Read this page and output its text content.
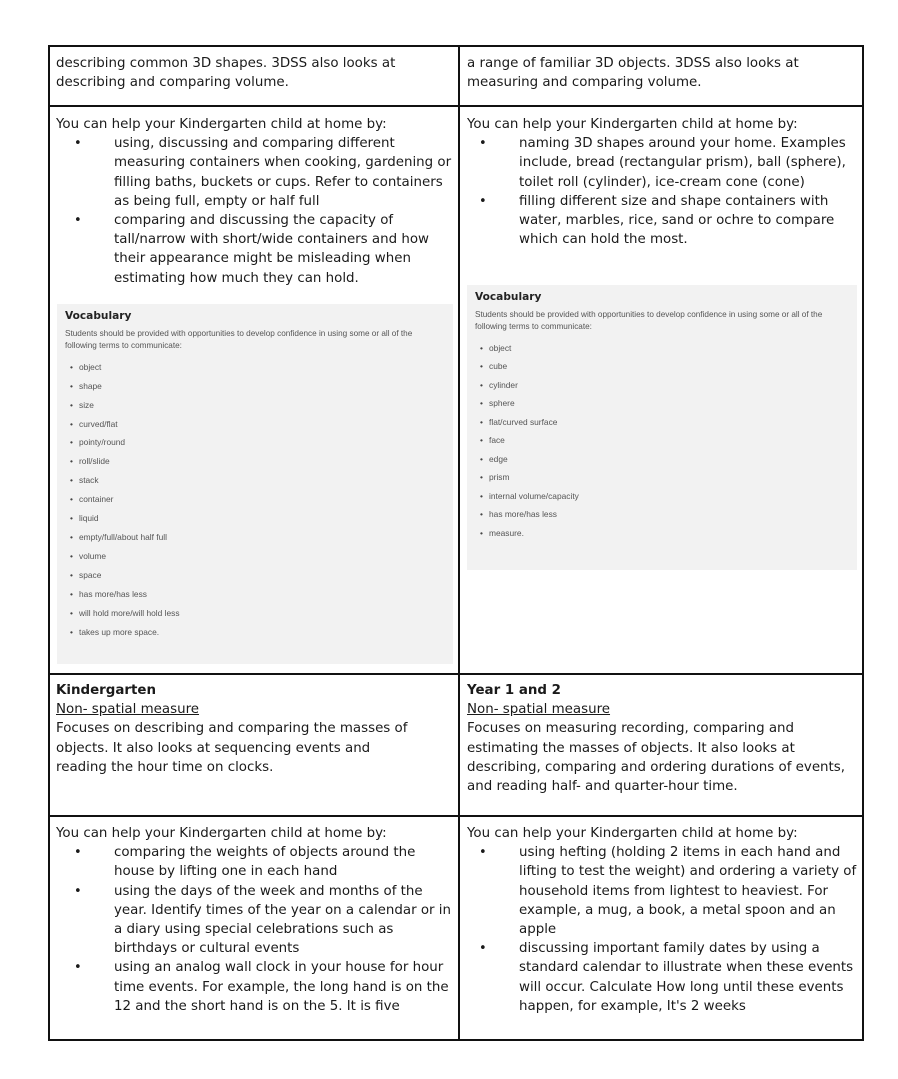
describing common 3D shapes. 3DSS also looks at describing and comparing volume.

a range of familiar 3D objects. 3DSS also looks at measuring and comparing volume.

You can help your Kindergarten child at home by:

• using, discussing and comparing different measuring containers when cooking, gardening or filling baths, buckets or cups. Refer to containers as being full, empty or half full
• comparing and discussing the capacity of tall/narrow with short/wide containers and how their appearance might be misleading when estimating how much they can hold.

Vocabulary

Students should be provided with opportunities to develop confidence in using some or all of the following terms to communicate:

• object
• shape
• size
• curved/flat
• pointy/round
• roll/slide
• stack
• container
• liquid
• empty/full/about half full
• volume
• space
• has more/has less
• will hold more/will hold less
• takes up more space.

You can help your Kindergarten child at home by:

• naming 3D shapes around your home. Examples include, bread (rectangular prism), ball (sphere), toilet roll (cylinder), ice-cream cone (cone)
• filling different size and shape containers with water, marbles, rice, sand or ochre to compare which can hold the most.

Vocabulary

Students should be provided with opportunities to develop confidence in using some or all of the following terms to communicate:

• object
• cube
• cylinder
• sphere
• flat/curved surface
• face
• edge
• prism
• internal volume/capacity
• has more/has less
• measure.

Kindergarten

Non- spatial measure

Focuses on describing and comparing the masses of objects. It also looks at sequencing events and reading the hour time on clocks.

Year 1 and 2

Non- spatial measure

Focuses on measuring recording, comparing and estimating the masses of objects. It also looks at describing, comparing and ordering durations of events, and reading half- and quarter-hour time.

You can help your Kindergarten child at home by:

• comparing the weights of objects around the house by lifting one in each hand
• using the days of the week and months of the year. Identify times of the year on a calendar or in a diary using special celebrations such as birthdays or cultural events
• using an analog wall clock in your house for hour time events. For example, the long hand is on the 12 and the short hand is on the 5. It is five

You can help your Kindergarten child at home by:

• using hefting (holding 2 items in each hand and lifting to test the weight) and ordering a variety of household items from lightest to heaviest. For example, a mug, a book, a metal spoon and an apple
• discussing important family dates by using a standard calendar to illustrate when these events will occur. Calculate How long until these events happen, for example, It's 2 weeks
